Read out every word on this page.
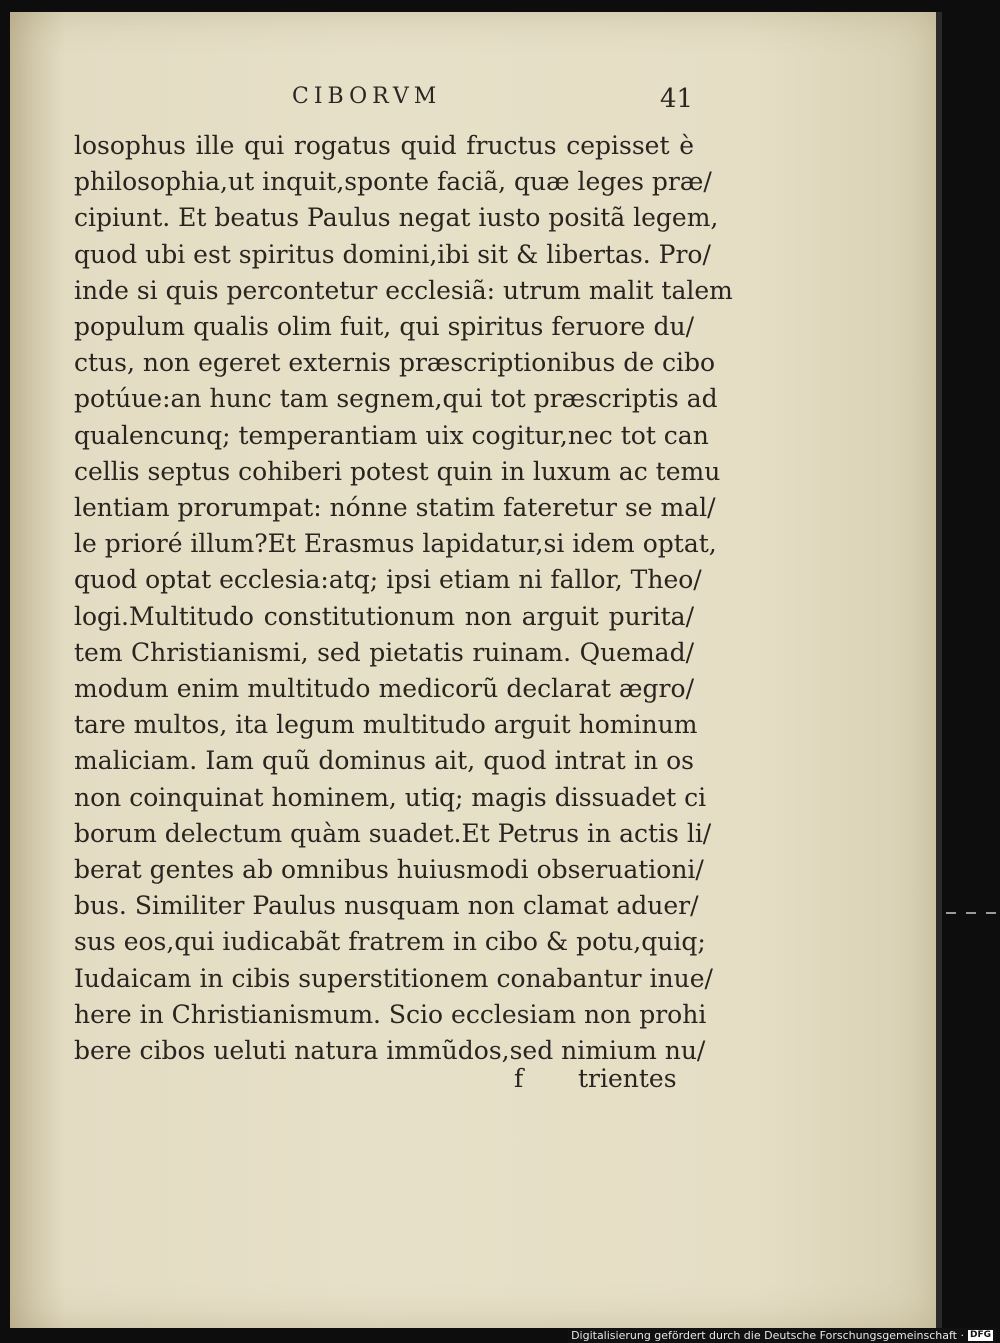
CIBORVM	41
losophus ille qui rogatus quid fructus cepisset è
philosophia,ut inquit,sponte faciã, quæ leges præ/
cipiunt. Et beatus Paulus negat iusto positã legem,
quod ubi est spiritus domini,ibi sit & libertas. Pro/
inde si quis percontetur ecclesiã: utrum malit talem
populum qualis olim fuit, qui spiritus feruore du/
ctus, non egeret externis præscriptionibus de cibo
potúue:an hunc tam segnem,qui tot præscriptis ad
qualencunq; temperantiam uix cogitur,nec tot can
cellis septus cohiberi potest quin in luxum ac temu
lentiam prorumpat: nónne statim fateretur se mal/
le prioré illum?Et Erasmus lapidatur,si idem optat,
quod optat ecclesia:atq; ipsi etiam ni fallor, Theo/
logi.Multitudo constitutionum non arguit purita/
tem Christianismi, sed pietatis ruinam. Quemad/
modum enim multitudo medicorũ declarat ægro/
tare multos, ita legum multitudo arguit hominum
maliciam. Iam quũ dominus ait, quod intrat in os
non coinquinat hominem, utiq; magis dissuadet ci
borum delectum quàm suadet.Et Petrus in actis li/
berat gentes ab omnibus huiusmodi obseruationi/
bus. Similiter Paulus nusquam non clamat aduer/
sus eos,qui iudicabãt fratrem in cibo & potu,quiq;
Iudaicam in cibis superstitionem conabantur inue/
here in Christianismum. Scio ecclesiam non prohi
bere cibos ueluti natura immũdos,sed nimium nu/
f trientes
Digitalisierung gefördert durch die Deutsche Forschungsgemeinschaft · DFG
